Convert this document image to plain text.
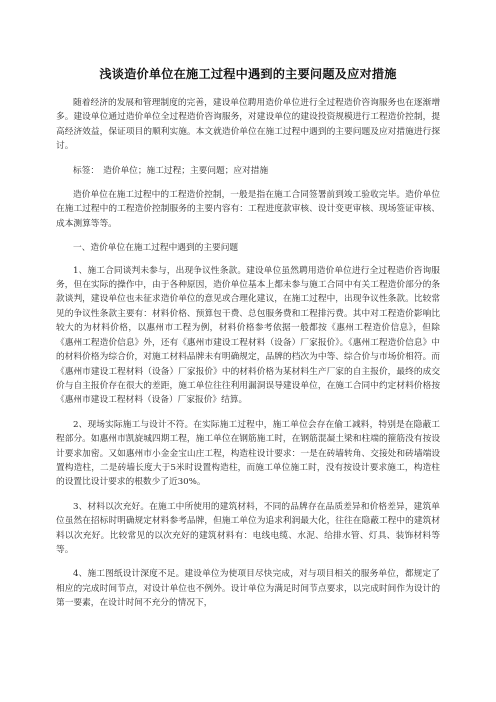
浅谈造价单位在施工过程中遇到的主要问题及应对措施

随着经济的发展和管理制度的完善，建设单位聘用造价单位进行全过程造价咨询服务也在逐渐增多。建设单位通过造价单位全过程造价咨询服务，对建设单位的建设投资规模进行工程造价控制，提高经济效益，保证项目的顺利实施。本文就造价单位在施工过程中遇到的主要问题及应对措施进行探讨。

标签： 造价单位；施工过程；主要问题；应对措施

造价单位在施工过程中的工程造价控制，一般是指在施工合同签署前到竣工验收完毕。造价单位在施工过程中的工程造价控制服务的主要内容有：工程进度款审核、设计变更审核、现场签证审核、成本测算等等。

一、造价单位在施工过程中遇到的主要问题

1、施工合同谈判未参与，出现争议性条款。建设单位虽然聘用造价单位进行全过程造价咨询服务，但在实际的操作中，由于各种原因，造价单位基本上都未参与施工合同中有关工程造价部分的条款谈判，建设单位也未征求造价单位的意见或合理化建议，在施工过程中，出现争议性条款。比较常见的争议性条款主要有：材料价格、预算包干费、总包服务费和工程排污费。其中对工程造价影响比较大的为材料价格，以惠州市工程为例，材料价格参考依据一般都按《惠州工程造价信息》，但除《惠州工程造价信息》外，还有《惠州市建设工程材料（设备）厂家报价》。《惠州工程造价信息》中的材料价格为综合价，对施工材料品牌未有明确规定，品牌的档次为中等、综合价与市场价相符。而《惠州市建设工程材料（设备）厂家报价》中的材料价格为某材料生产厂家的自主报价，最终的成交价与自主报价存在很大的差距，施工单位往往利用漏洞误导建设单位，在施工合同中约定材料价格按《惠州市建设工程材料（设备）厂家报价》结算。

2、现场实际施工与设计不符。在实际施工过程中，施工单位会存在偷工减料，特别是在隐蔽工程部分。如惠州市凯旋城四期工程，施工单位在钢筋施工时，在钢筋混凝土梁和柱端的箍筋没有按设计要求加密。又如惠州市小金金宝山庄工程，构造柱设计要求：一是在砖墙转角、交接处和砖墙端设置构造柱，二是砖墙长度大于5米时设置构造柱，而施工单位施工时，没有按设计要求施工，构造柱的设置比设计要求的根数少了近30%。

3、材料以次充好。在施工中所使用的建筑材料，不同的品牌存在品质差异和价格差异，建筑单位虽然在招标时明确规定材料参考品牌，但施工单位为追求利润最大化，往往在隐蔽工程中的建筑材料以次充好。比较常见的以次充好的建筑材料有：电线电缆、水泥、给排水管、灯具、装饰材料等等。

4、施工图纸设计深度不足。建设单位为使项目尽快完成，对与项目相关的服务单位，都规定了相应的完成时间节点，对设计单位也不例外。设计单位为满足时间节点要求，以完成时间作为设计的第一要素，在设计时间不充分的情况下，
